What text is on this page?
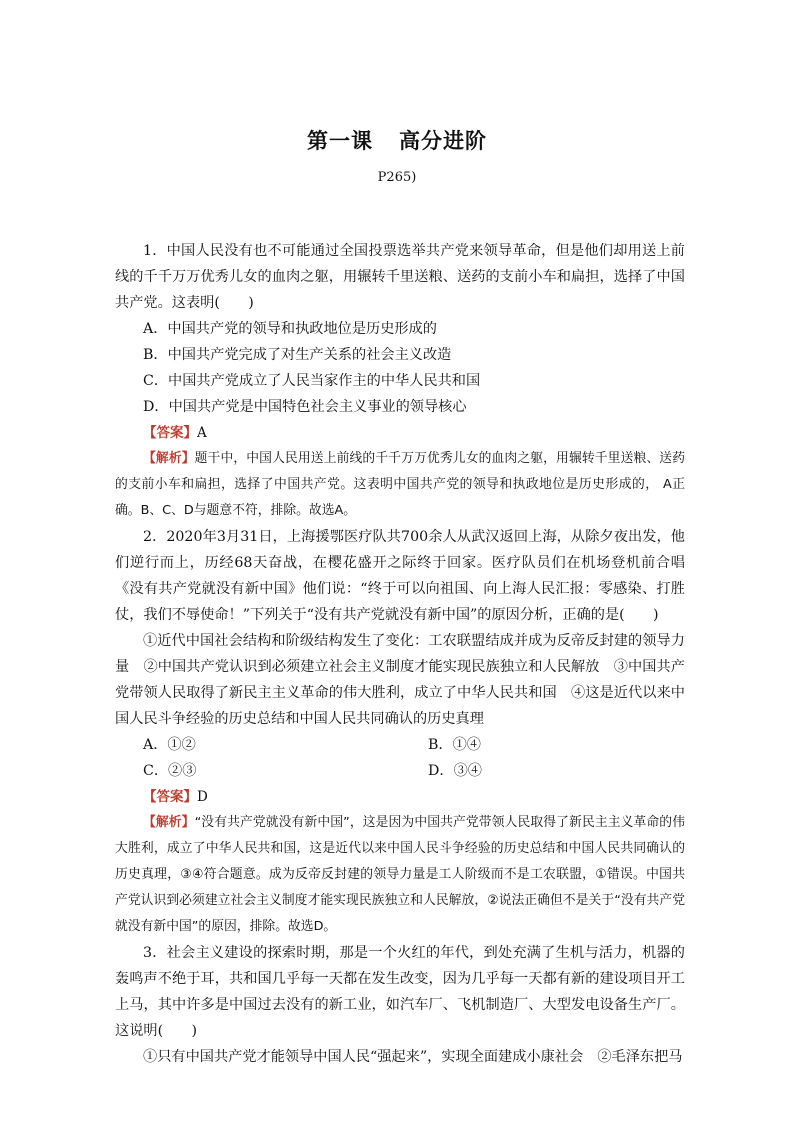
第一课 高分进阶
P265)

1．中国人民没有也不可能通过全国投票选举共产党来领导革命，但是他们却用送上前线的千千万万优秀儿女的血肉之躯，用辗转千里送粮、送药的支前小车和扁担，选择了中国共产党。这表明(　　)

A．中国共产党的领导和执政地位是历史形成的
B．中国共产党完成了对生产关系的社会主义改造
C．中国共产党成立了人民当家作主的中华人民共和国
D．中国共产党是中国特色社会主义事业的领导核心
【答案】A

【解析】题干中，中国人民用送上前线的千千万万优秀儿女的血肉之躯，用辗转千里送粮、送药的支前小车和扁担，选择了中国共产党。这表明中国共产党的领导和执政地位是历史形成的， A正确。B、C、D与题意不符，排除。故选A。

2．2020年3月31日，上海援鄂医疗队共700余人从武汉返回上海，从除夕夜出发，他们逆行而上，历经68天奋战，在樱花盛开之际终于回家。医疗队员们在机场登机前合唱《没有共产党就没有新中国》他们说：“终于可以向祖国、向上海人民汇报：零感染、打胜仗，我们不辱使命！”下列关于“没有共产党就没有新中国”的原因分析，正确的是(　　)

①近代中国社会结构和阶级结构发生了变化：工农联盟结成并成为反帝反封建的领导力量　②中国共产党认识到必须建立社会主义制度才能实现民族独立和人民解放　③中国共产党带领人民取得了新民主主义革命的伟大胜利，成立了中华人民共和国　④这是近代以来中国人民斗争经验的历史总结和中国人民共同确认的历史真理

A．①②	B．①④
C．②③	D．③④
【答案】D

【解析】“没有共产党就没有新中国”，这是因为中国共产党带领人民取得了新民主主义革命的伟大胜利，成立了中华人民共和国，这是近代以来中国人民斗争经验的历史总结和中国人民共同确认的历史真理，③④符合题意。成为反帝反封建的领导力量是工人阶级而不是工农联盟，①错误。中国共产党认识到必须建立社会主义制度才能实现民族独立和人民解放，②说法正确但不是关于“没有共产党就没有新中国”的原因，排除。故选D。

3．社会主义建设的探索时期，那是一个火红的年代，到处充满了生机与活力，机器的轰鸣声不绝于耳，共和国几乎每一天都在发生改变，因为几乎每一天都有新的建设项目开工上马，其中许多是中国过去没有的新工业，如汽车厂、飞机制造厂、大型发电设备生产厂。这说明(　　)

①只有中国共产党才能领导中国人民“强起来”，实现全面建成小康社会　②毛泽东把马
